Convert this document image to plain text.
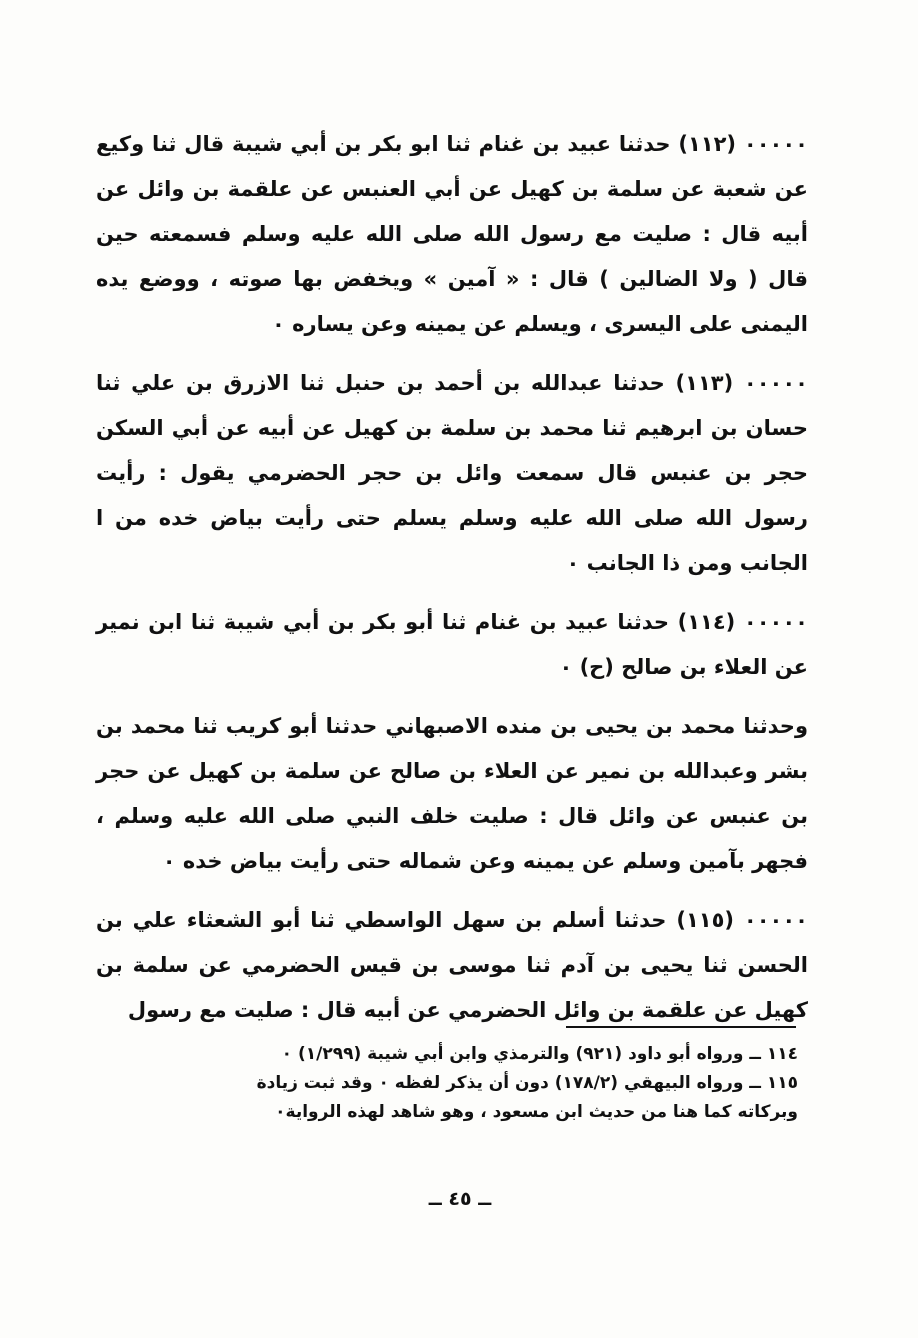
٠٠٠٠٠ (١١٢) حدثنا عبيد بن غنام ثنا ابو بكر بن أبي شيبة قال ثنا وكيع عن شعبة عن سلمة بن كهيل عن أبي العنبس عن علقمة بن وائل عن أبيه قال : صليت مع رسول الله صلى الله عليه وسلم فسمعته حين قال ( ولا الضالين ) قال : « آمين » ويخفض بها صوته ، ووضع يده اليمنى على اليسرى ، ويسلم عن يمينه وعن يساره ٠

٠٠٠٠٠ (١١٣) حدثنا عبدالله بن أحمد بن حنبل ثنا الازرق بن علي ثنا حسان بن ابرهيم ثنا محمد بن سلمة بن كهيل عن أبيه عن أبي السكن حجر بن عنبس قال سمعت وائل بن حجر الحضرمي يقول : رأيت رسول الله صلى الله عليه وسلم يسلم حتى رأيت بياض خده من ا الجانب ومن ذا الجانب ٠

٠٠٠٠٠ (١١٤) حدثنا عبيد بن غنام ثنا أبو بكر بن أبي شيبة ثنا ابن نمير عن العلاء بن صالح (ح) ٠

وحدثنا محمد بن يحيى بن منده الاصبهاني حدثنا أبو كريب ثنا محمد بن بشر وعبدالله بن نمير عن العلاء بن صالح عن سلمة بن كهيل عن حجر بن عنبس عن وائل قال : صليت خلف النبي صلى الله عليه وسلم ، فجهر بآمين وسلم عن يمينه وعن شماله حتى رأيت بياض خده ٠

٠٠٠٠٠ (١١٥) حدثنا أسلم بن سهل الواسطي ثنا أبو الشعثاء علي بن الحسن ثنا يحيى بن آدم ثنا موسى بن قيس الحضرمي عن سلمة بن كهيل عن علقمة بن وائل الحضرمي عن أبيه قال : صليت مع رسول

١١٤ ــ ورواه أبو داود (٩٢١) والترمذي وابن أبي شيبة (١/٢٩٩) ٠

١١٥ ــ ورواه البيهقي (١٧٨/٢) دون أن يذكر لفظه ٠ وقد ثبت زيادة

وبركاته كما هنا من حديث ابن مسعود ، وهو شاهد لهذه الرواية٠

ــ ٤٥ ــ
